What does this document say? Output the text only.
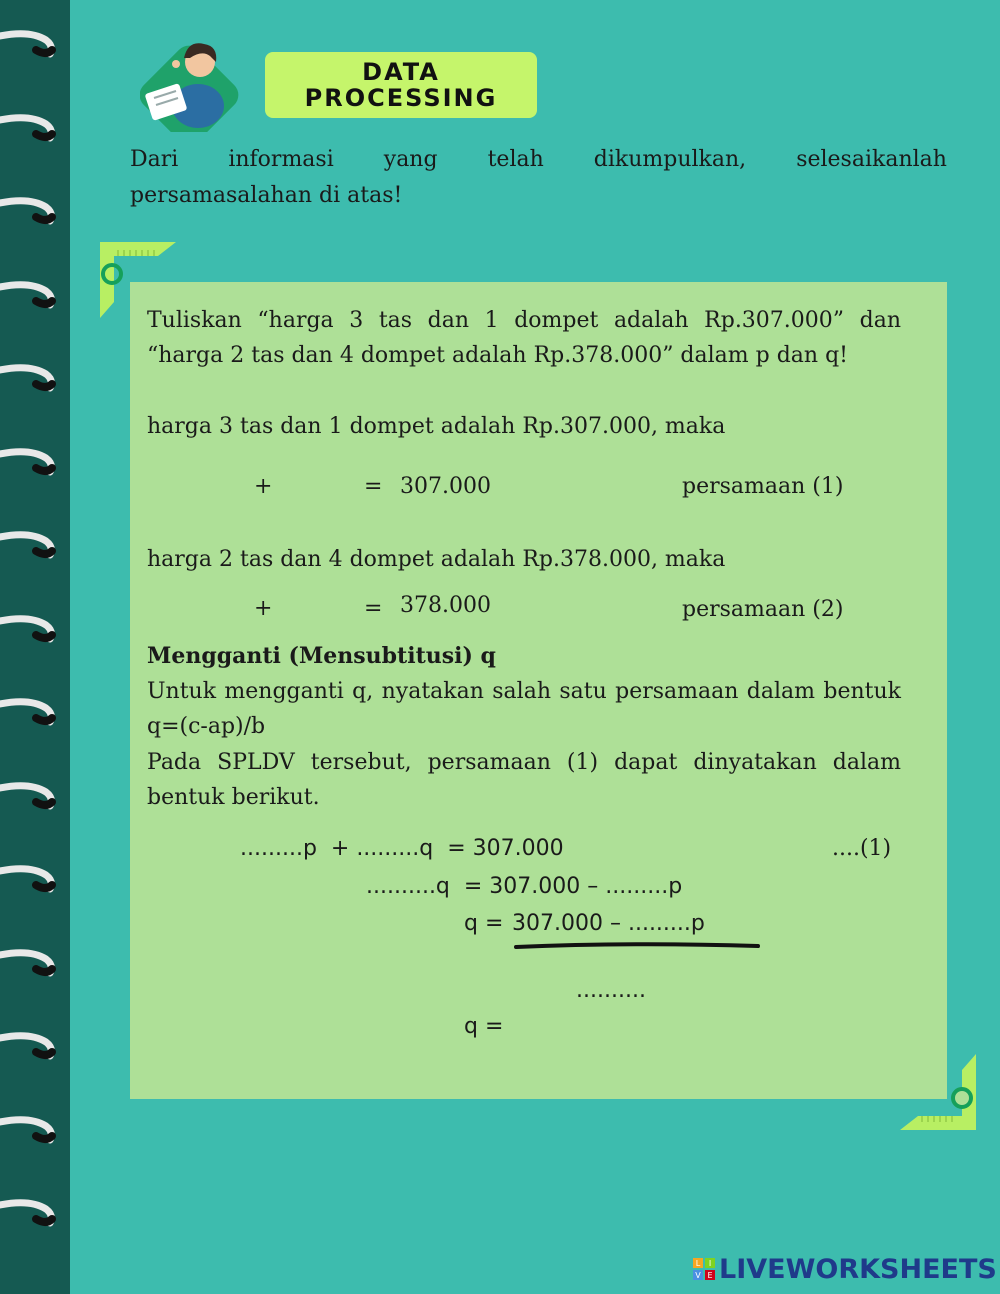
DATA
PROCESSING
Dari informasi yang telah dikumpulkan, selesaikanlah
persamasalahan di atas!
Tuliskan “harga 3 tas dan 1 dompet adalah Rp.307.000” dan “harga 2 tas dan 4 dompet adalah Rp.378.000” dalam p dan q!
harga 3 tas dan 1 dompet adalah Rp.307.000, maka
+	= 307.000	persamaan (1)
harga 2 tas dan 4 dompet adalah Rp.378.000, maka
+	= 378.000	persamaan (2)
Mengganti (Mensubtitusi) q
Untuk mengganti q, nyatakan salah satu persamaan dalam bentuk q=(c-ap)/b
Pada SPLDV tersebut, persamaan (1) dapat dinyatakan dalam bentuk berikut.
.........p  + .........q  = 307.000	....(1)
..........q  = 307.000 – .........p
q = 307.000 – .........p
..........
q =
L I
V E LIVEWORKSHEETS
